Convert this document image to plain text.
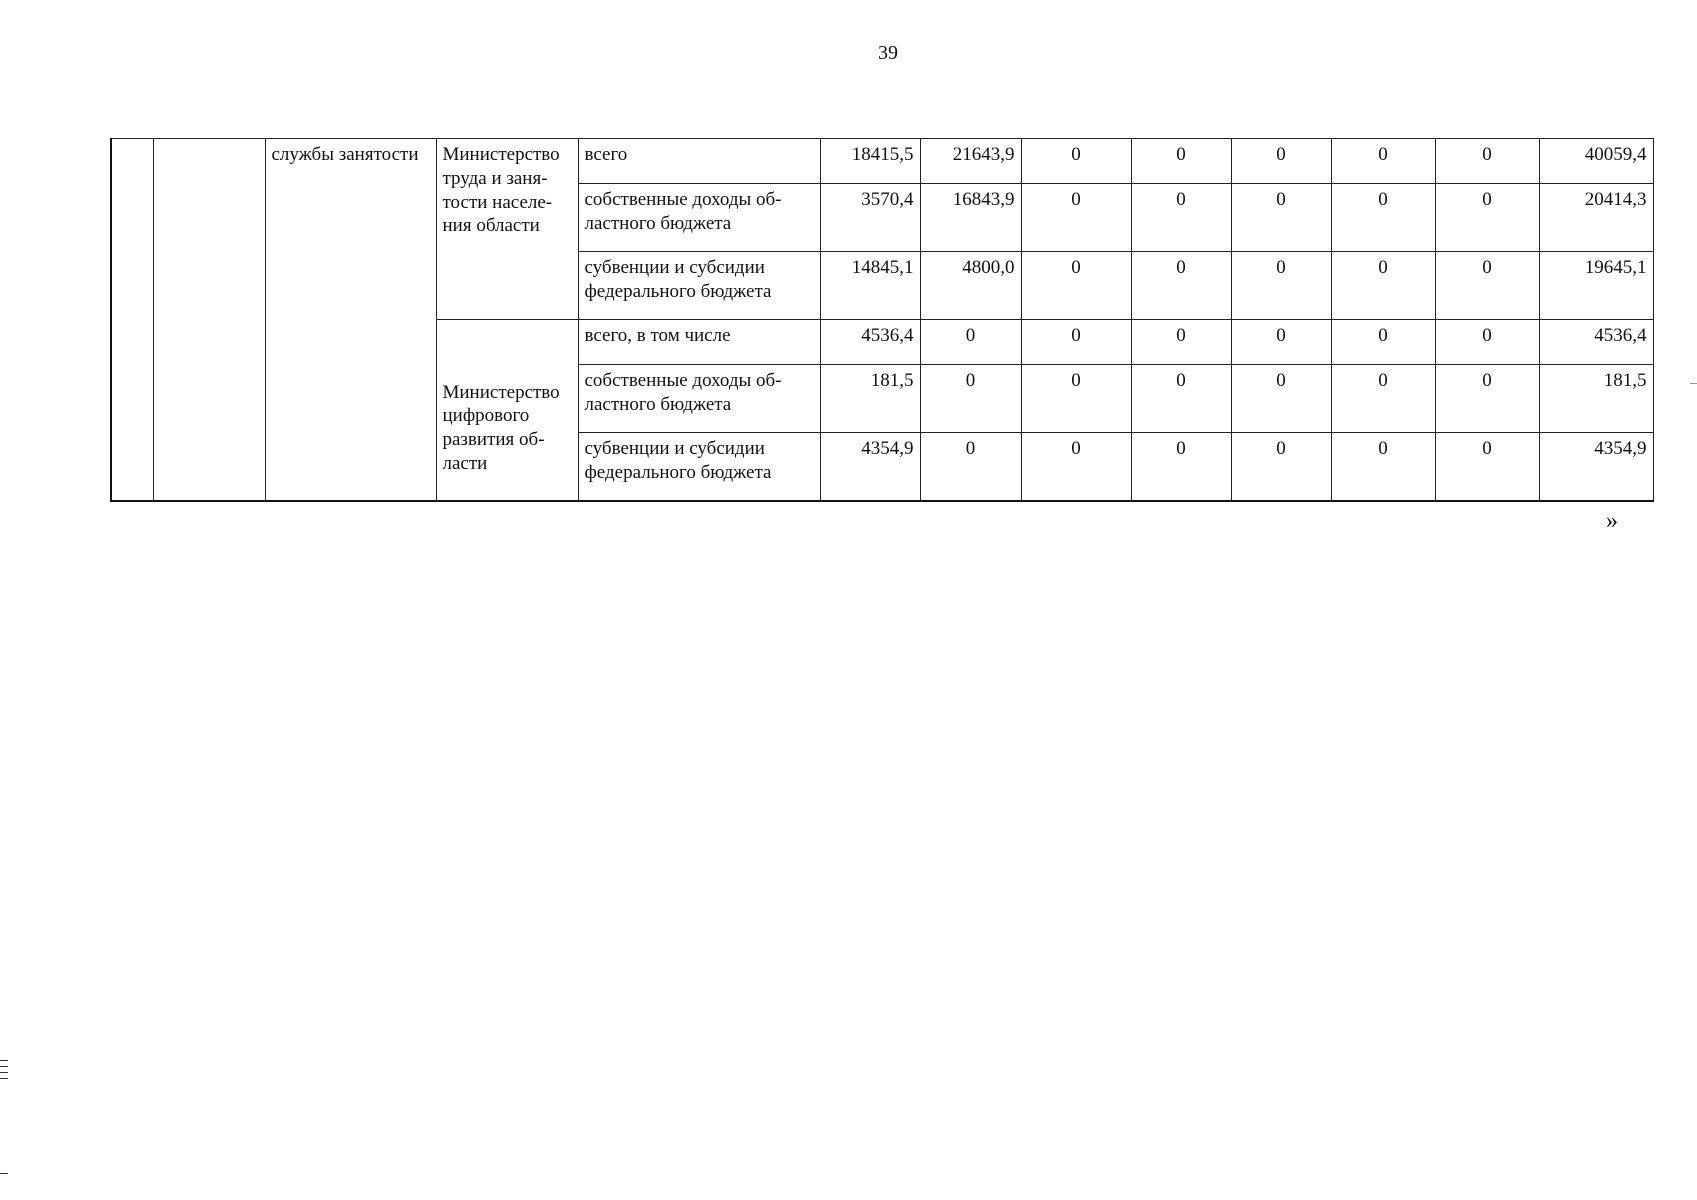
39
		службы занятости	Министерство труда и заня-тости населе-ния области	всего	18415,5	21643,9	0	0	0	0	0	40059,4
				собственные доходы об-ластного бюджета	3570,4	16843,9	0	0	0	0	0	20414,3
				субвенции и субсидии федерального бюджета	14845,1	4800,0	0	0	0	0	0	19645,1
			Министерство цифрового развития об-ласти	всего, в том числе	4536,4	0	0	0	0	0	0	4536,4
				собственные доходы об-ластного бюджета	181,5	0	0	0	0	0	0	181,5
				субвенции и субсидии федерального бюджета	4354,9	0	0	0	0	0	0	4354,9
»
